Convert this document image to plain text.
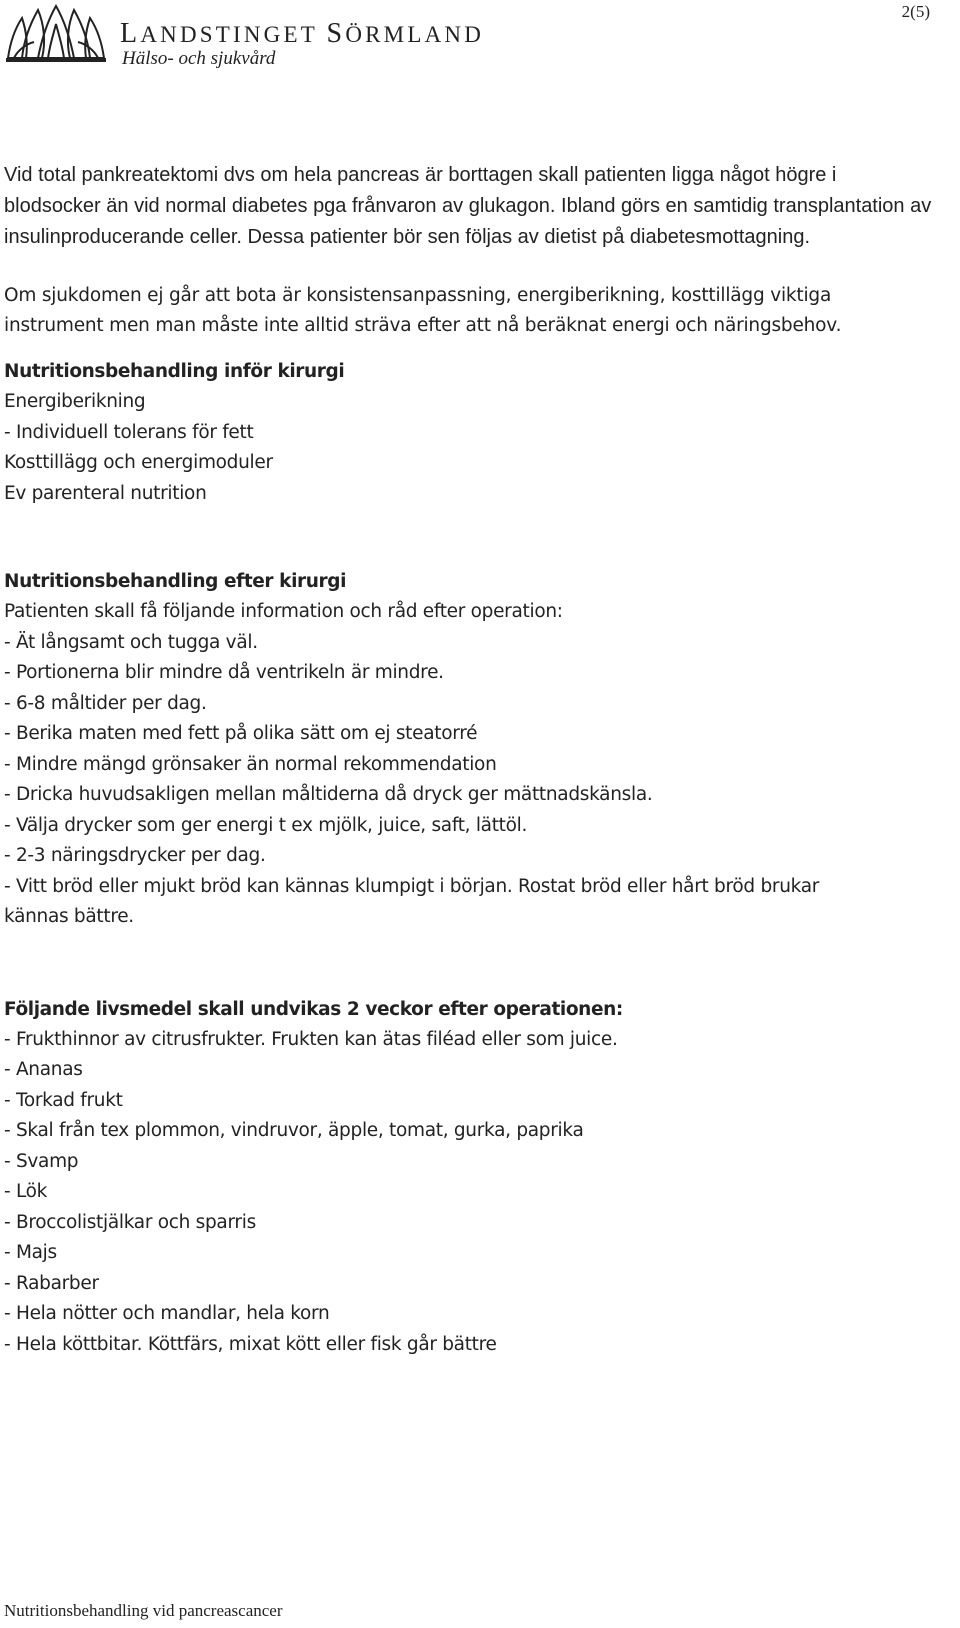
LANDSTINGET SÖRMLAND
Hälso- och sjukvård
2(5)

Vid total pankreatektomi dvs om hela pancreas är borttagen skall patienten ligga något högre i blodsocker än vid normal diabetes pga frånvaron av glukagon. Ibland görs en samtidig transplantation av insulinproducerande celler. Dessa patienter bör sen följas av dietist på diabetesmottagning.

Om sjukdomen ej går att bota är konsistensanpassning, energiberikning, kosttillägg viktiga instrument men man måste inte alltid sträva efter att nå beräknat energi och näringsbehov.

Nutritionsbehandling inför kirurgi

Energiberikning

- Individuell tolerans för fett

Kosttillägg och energimoduler

Ev parenteral nutrition

Nutritionsbehandling efter kirurgi

Patienten skall få följande information och råd efter operation:

- Ät långsamt och tugga väl.

- Portionerna blir mindre då ventrikeln är mindre.

- 6-8 måltider per dag.

- Berika maten med fett på olika sätt om ej steatorré

- Mindre mängd grönsaker än normal rekommendation

- Dricka huvudsakligen mellan måltiderna då dryck ger mättnadskänsla.

- Välja drycker som ger energi t ex mjölk, juice, saft, lättöl.

- 2-3 näringsdrycker per dag.

- Vitt bröd eller mjukt bröd kan kännas klumpigt i början. Rostat bröd eller hårt bröd brukar

kännas bättre.

Följande livsmedel skall undvikas 2 veckor efter operationen:

- Frukthinnor av citrusfrukter. Frukten kan ätas filéad eller som juice.

- Ananas

- Torkad frukt

- Skal från tex plommon, vindruvor, äpple, tomat, gurka, paprika

- Svamp

- Lök

- Broccolistjälkar och sparris

- Majs

- Rabarber

- Hela nötter och mandlar, hela korn

- Hela köttbitar. Köttfärs, mixat kött eller fisk går bättre

Nutritionsbehandling vid pancreascancer
